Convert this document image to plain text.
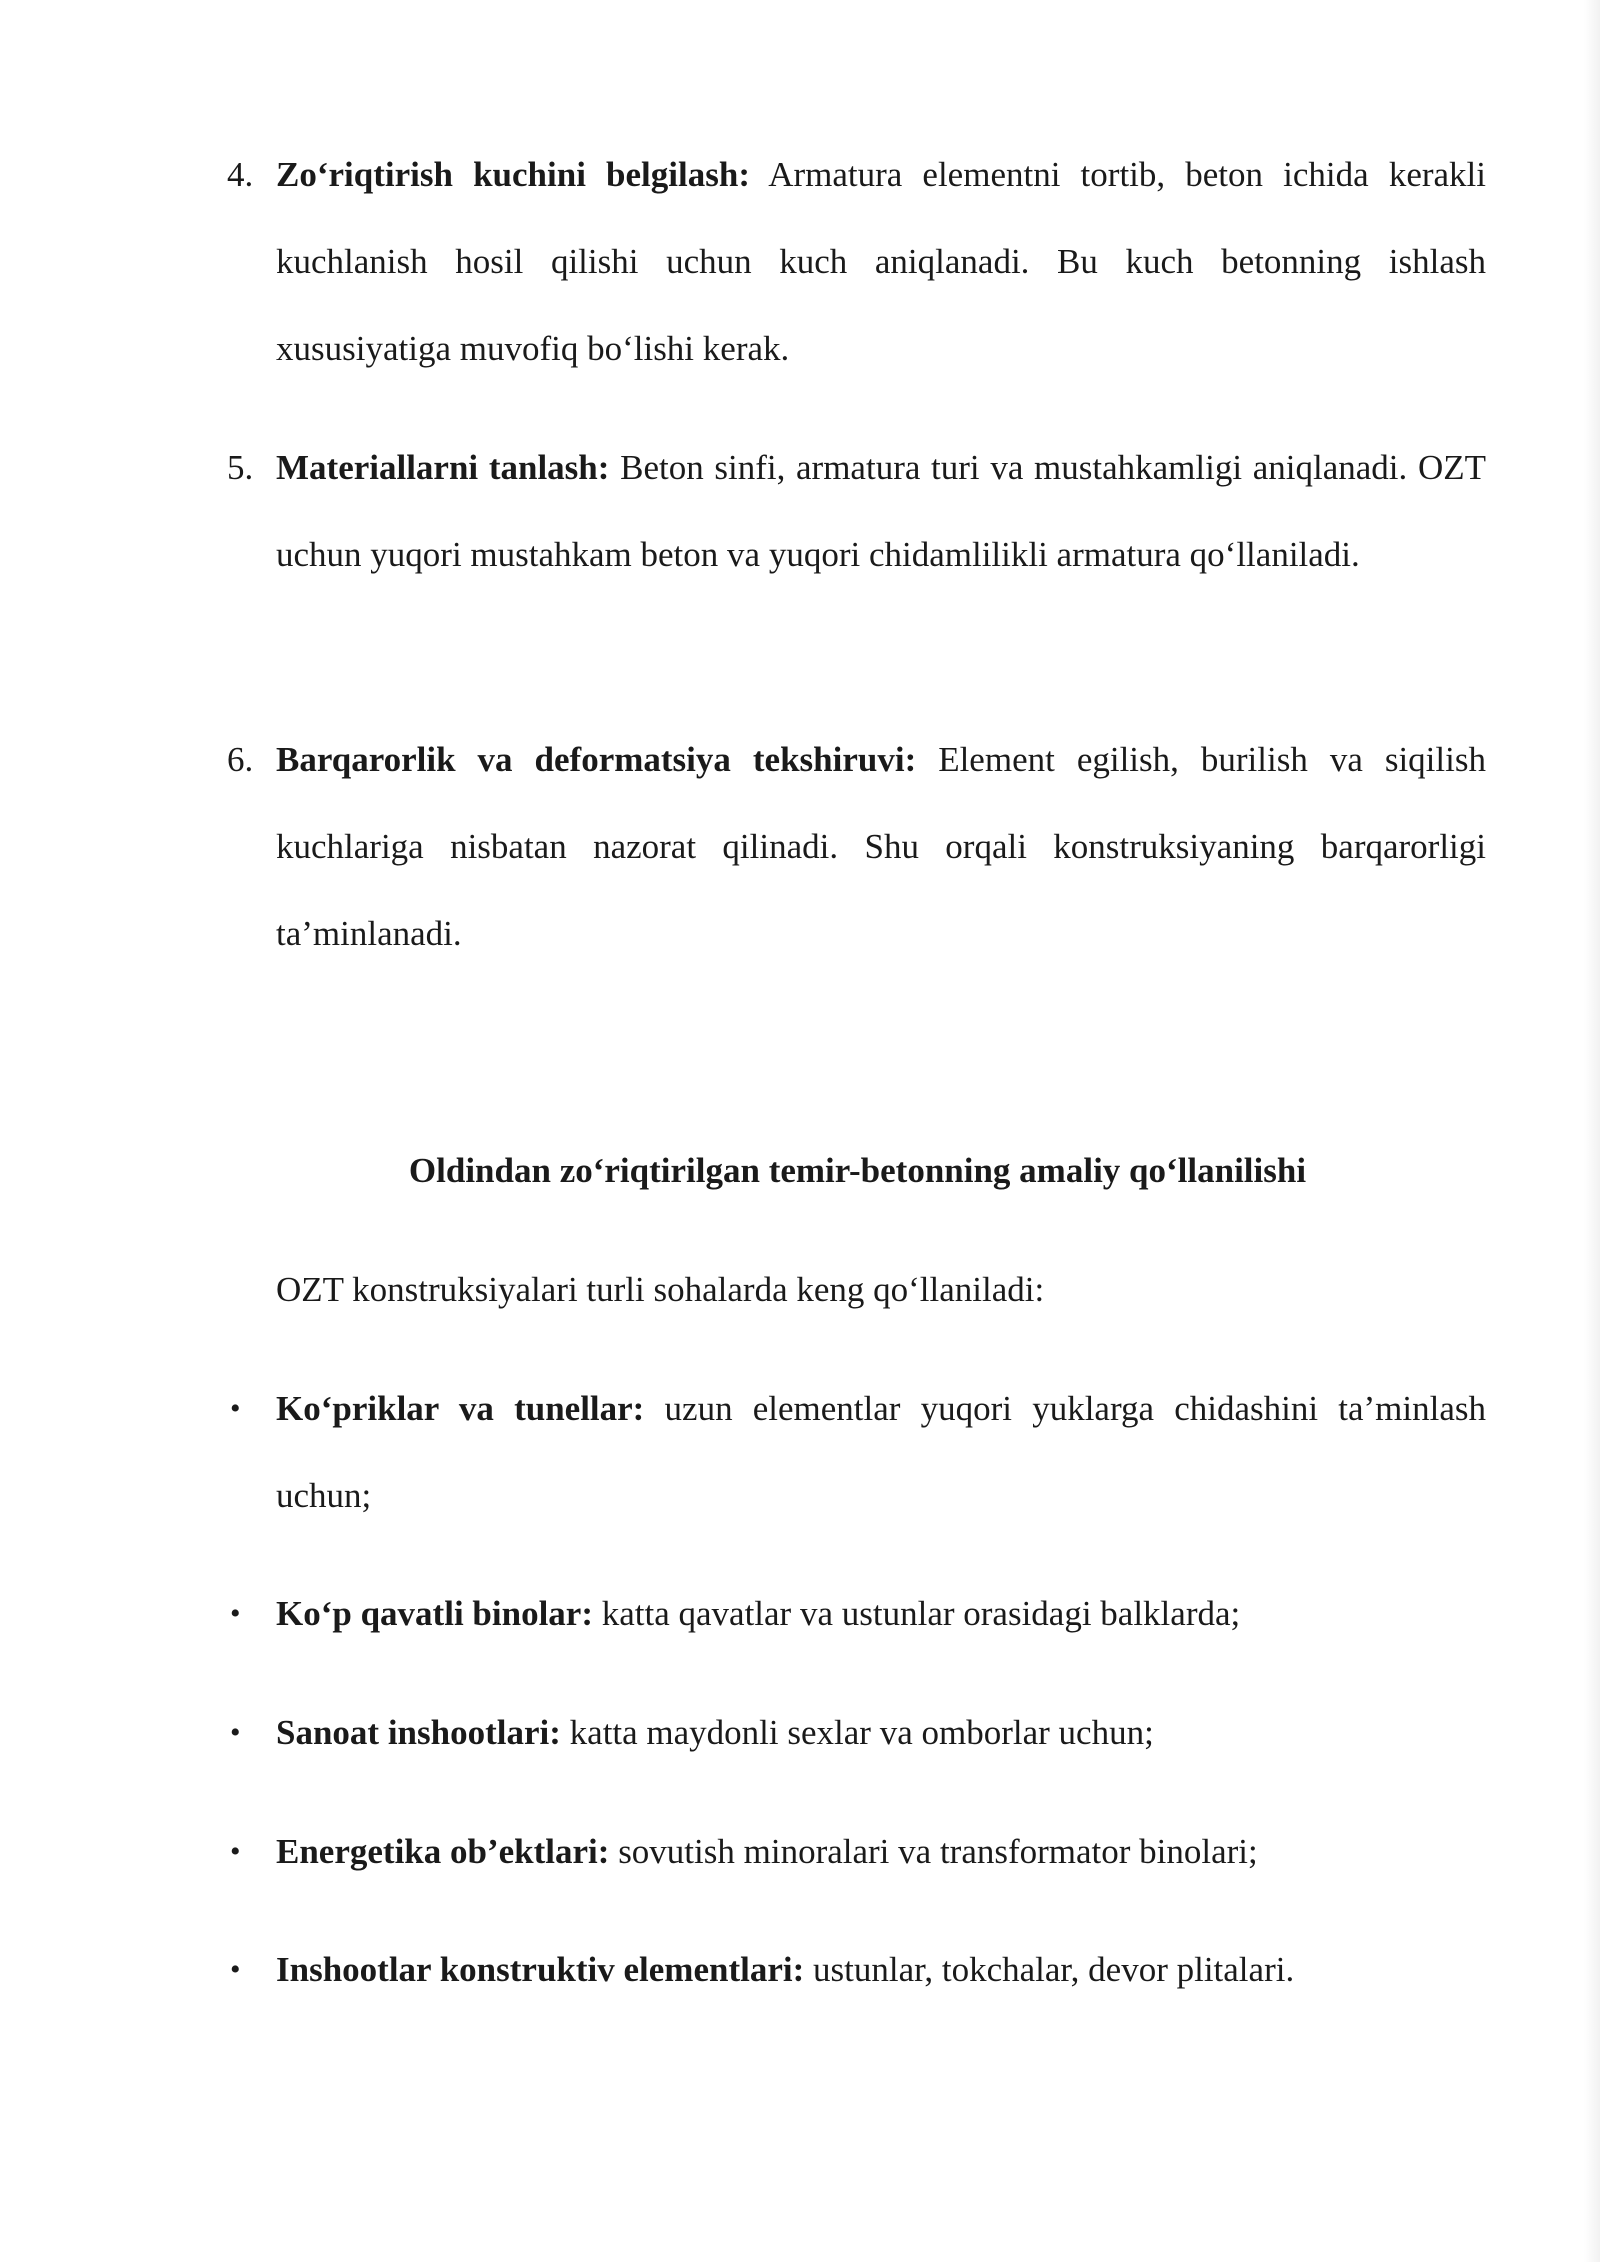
4. Zo‘riqtirish kuchini belgilash: Armatura elementni tortib, beton ichida kerakli kuchlanish hosil qilishi uchun kuch aniqlanadi. Bu kuch betonning ishlash xususiyatiga muvofiq bo‘lishi kerak.
5. Materiallarni tanlash: Beton sinfi, armatura turi va mustahkamligi aniqlanadi. OZT uchun yuqori mustahkam beton va yuqori chidamlilikli armatura qo‘llaniladi.
6. Barqarorlik va deformatsiya tekshiruvi: Element egilish, burilish va siqilish kuchlariga nisbatan nazorat qilinadi. Shu orqali konstruksiyaning barqarorligi ta’minlanadi.
Oldindan zo‘riqtirilgan temir-betonning amaliy qo‘llanilishi
OZT konstruksiyalari turli sohalarda keng qo‘llaniladi:
• Ko‘priklar va tunellar: uzun elementlar yuqori yuklarga chidashini ta’minlash uchun;
• Ko‘p qavatli binolar: katta qavatlar va ustunlar orasidagi balklarda;
• Sanoat inshootlari: katta maydonli sexlar va omborlar uchun;
• Energetika ob’ektlari: sovutish minoralari va transformator binolari;
• Inshootlar konstruktiv elementlari: ustunlar, tokchalar, devor plitalari.
